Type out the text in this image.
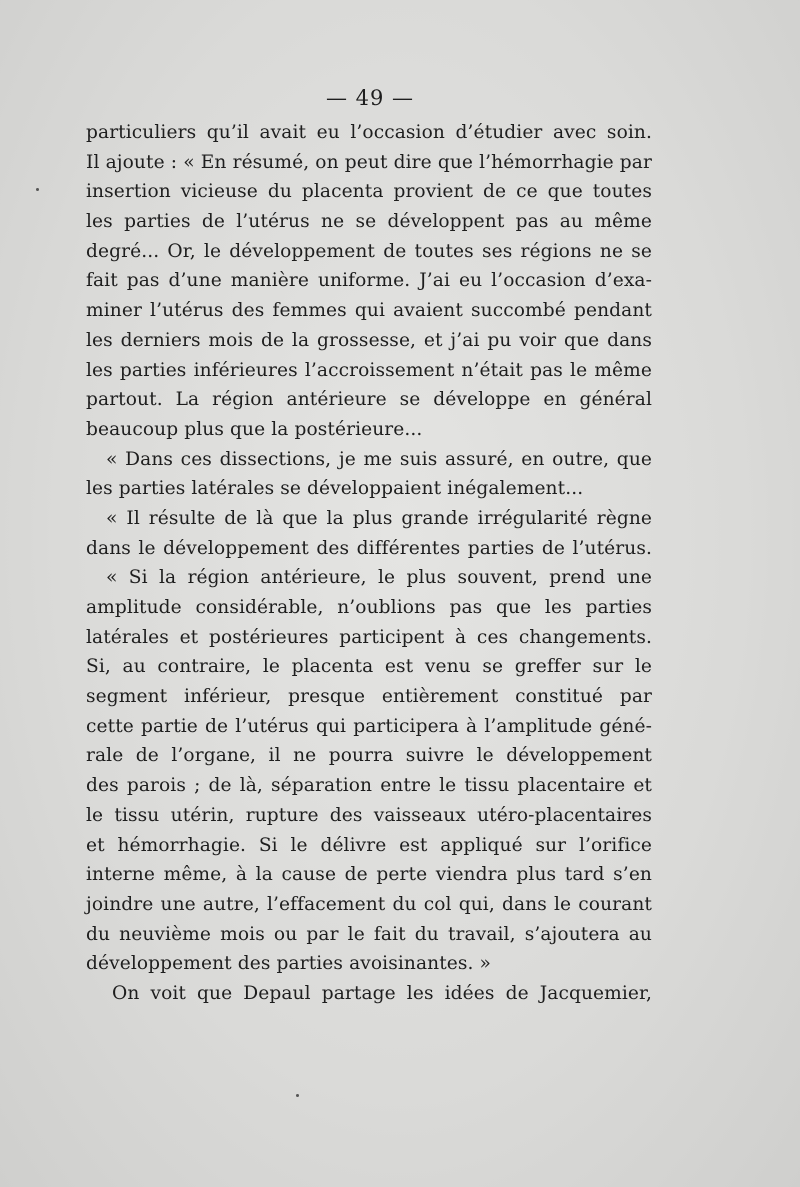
— 49 —
particuliers qu’il avait eu l’occasion d’étudier avec soin.
Il ajoute : « En résumé, on peut dire que l’hémorrhagie par
insertion vicieuse du placenta provient de ce que toutes
les parties de l’utérus ne se développent pas au même
degré... Or, le développement de toutes ses régions ne se
fait pas d’une manière uniforme. J’ai eu l’occasion d’exa-
miner l’utérus des femmes qui avaient succombé pendant
les derniers mois de la grossesse, et j’ai pu voir que dans
les parties inférieures l’accroissement n’était pas le même
partout. La région antérieure se développe en général
beaucoup plus que la postérieure...
« Dans ces dissections, je me suis assuré, en outre, que
les parties latérales se développaient inégalement...
« Il résulte de là que la plus grande irrégularité règne
dans le développement des différentes parties de l’utérus.
« Si la région antérieure, le plus souvent, prend une
amplitude considérable, n’oublions pas que les parties
latérales et postérieures participent à ces changements.
Si, au contraire, le placenta est venu se greffer sur le
segment inférieur, presque entièrement constitué par
cette partie de l’utérus qui participera à l’amplitude géné-
rale de l’organe, il ne pourra suivre le développement
des parois ; de là, séparation entre le tissu placentaire et
le tissu utérin, rupture des vaisseaux utéro-placentaires
et hémorrhagie. Si le délivre est appliqué sur l’orifice
interne même, à la cause de perte viendra plus tard s’en
joindre une autre, l’effacement du col qui, dans le courant
du neuvième mois ou par le fait du travail, s’ajoutera au
développement des parties avoisinantes. »
On voit que Depaul partage les idées de Jacquemier,
